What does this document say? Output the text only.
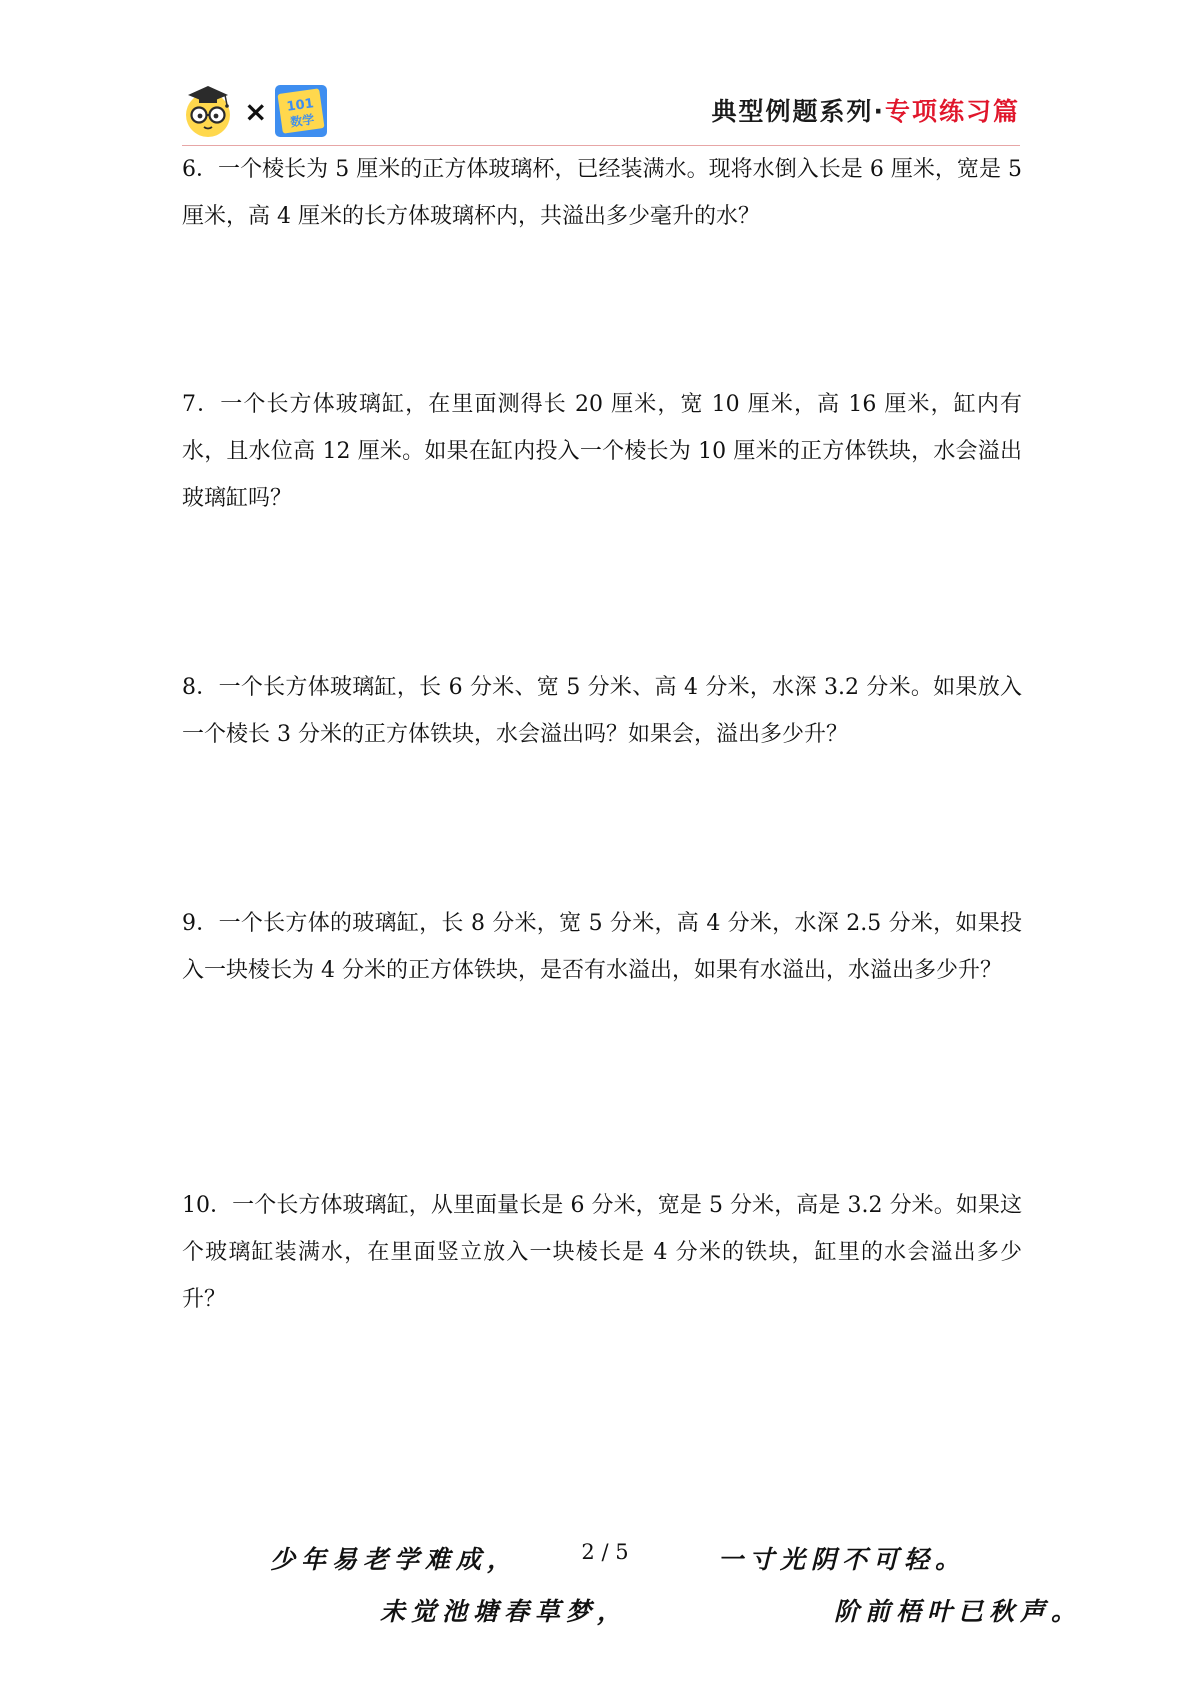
× 101
数学	典型例题系列·专项练习篇

6．一个棱长为 5 厘米的正方体玻璃杯，已经装满水。现将水倒入长是 6 厘米，宽是 5 厘米，高 4 厘米的长方体玻璃杯内，共溢出多少毫升的水？

7．一个长方体玻璃缸，在里面测得长 20 厘米，宽 10 厘米，高 16 厘米，缸内有水，且水位高 12 厘米。如果在缸内投入一个棱长为 10 厘米的正方体铁块，水会溢出玻璃缸吗？

8．一个长方体玻璃缸，长 6 分米、宽 5 分米、高 4 分米，水深 3.2 分米。如果放入一个棱长 3 分米的正方体铁块，水会溢出吗？如果会，溢出多少升？

9．一个长方体的玻璃缸，长 8 分米，宽 5 分米，高 4 分米，水深 2.5 分米，如果投入一块棱长为 4 分米的正方体铁块，是否有水溢出，如果有水溢出，水溢出多少升？

10．一个长方体玻璃缸，从里面量长是 6 分米，宽是 5 分米，高是 3.2 分米。如果这个玻璃缸装满水，在里面竖立放入一块棱长是 4 分米的铁块，缸里的水会溢出多少升？

少年易老学难成，	2 / 5	一寸光阴不可轻。
未觉池塘春草梦，	阶前梧叶已秋声。
